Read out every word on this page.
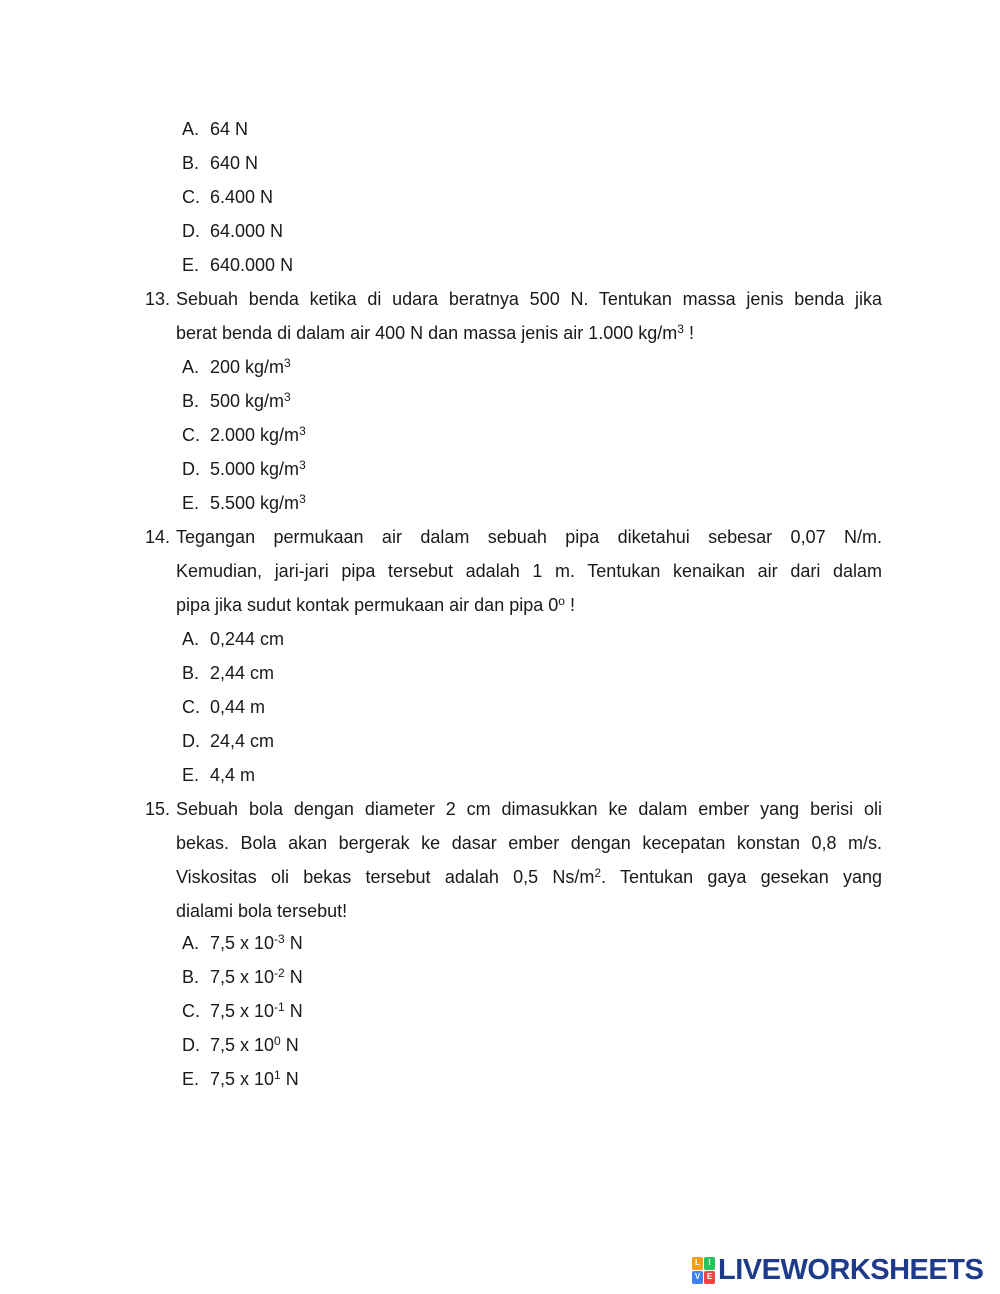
A. 64 N
B. 640 N
C. 6.400 N
D. 64.000 N
E. 640.000 N
13. Sebuah benda ketika di udara beratnya 500 N. Tentukan massa jenis benda jika
berat benda di dalam air 400 N dan massa jenis air 1.000 $kg/m^3$ !
A. 200 $kg/m^3$
B. 500 $kg/m^3$
C. 2.000 $kg/m^3$
D. 5.000 $kg/m^3$
E. 5.500 $kg/m^3$
14. Tegangan permukaan air dalam sebuah pipa diketahui sebesar 0,07 N/m.
Kemudian, jari-jari pipa tersebut adalah 1 m. Tentukan kenaikan air dari dalam
pipa jika sudut kontak permukaan air dan pipa 0$^o$ !
A. 0,244 cm
B. 2,44 cm
C. 0,44 m
D. 24,4 cm
E. 4,4 m
15. Sebuah bola dengan diameter 2 cm dimasukkan ke dalam ember yang berisi oli
bekas. Bola akan bergerak ke dasar ember dengan kecepatan konstan 0,8 m/s.
Viskositas oli bekas tersebut adalah 0,5 $Ns/m^2$. Tentukan gaya gesekan yang
dialami bola tersebut!
A. 7,5 x $10^{-3}$ N
B. 7,5 x $10^{-2}$ N
C. 7,5 x $10^{-1}$ N
D. 7,5 x $10^0$ N
E. 7,5 x $10^1$ N
L	I
V E LIVEWORKSHEETS
